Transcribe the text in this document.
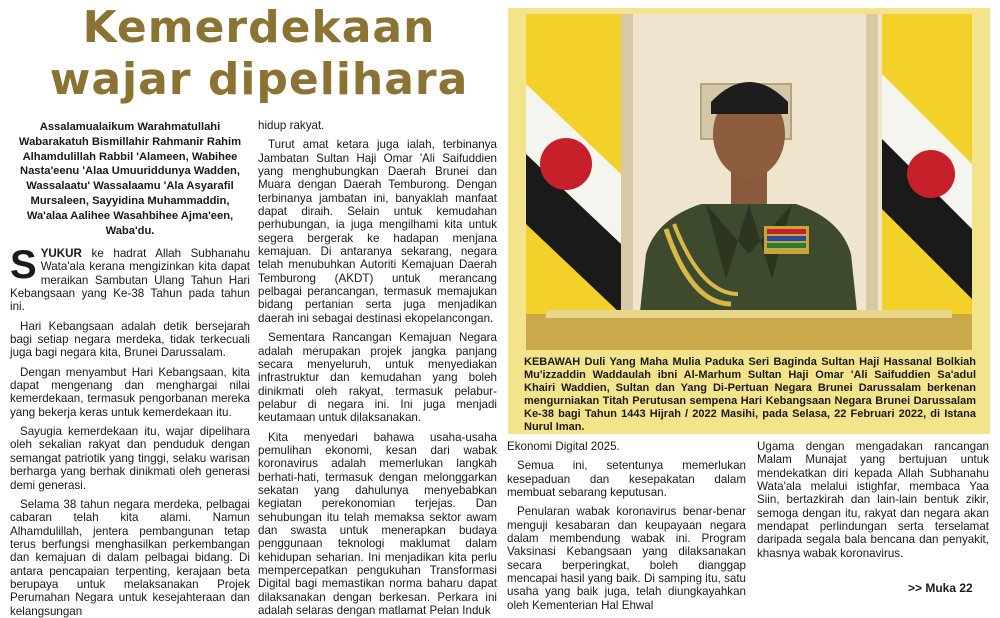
Kemerdekaan wajar dipelihara

Assalamualaikum Warahmatullahi Wabarakatuh Bismillahir Rahmanir Rahim Alhamdulillah Rabbil 'Alameen, Wabihee Nasta'eenu 'Alaa Umuuriddunya Wadden, Wassalaatu' Wassalaamu 'Ala Asyarafil Mursaleen, Sayyidina Muhammaddin, Wa'alaa Aalihee Wasahbihee Ajma'een, Waba'du.

SYUKUR ke hadrat Allah Subhanahu Wata'ala kerana mengizinkan kita dapat meraikan Sambutan Ulang Tahun Hari Kebangsaan yang Ke-38 Tahun pada tahun ini.

Hari Kebangsaan adalah detik bersejarah bagi setiap negara merdeka, tidak terkecuali juga bagi negara kita, Brunei Darussalam.

Dengan menyambut Hari Kebangsaan, kita dapat mengenang dan menghargai nilai kemerdekaan, termasuk pengorbanan mereka yang bekerja keras untuk kemerdekaan itu.

Sayugia kemerdekaan itu, wajar dipelihara oleh sekalian rakyat dan penduduk dengan semangat patriotik yang tinggi, selaku warisan berharga yang berhak dinikmati oleh generasi demi generasi.

Selama 38 tahun negara merdeka, pelbagai cabaran telah kita alami. Namun Alhamdulillah, jentera pembangunan tetap terus berfungsi menghasilkan perkembangan dan kemajuan di dalam pelbagai bidang. Di antara pencapaian terpenting, kerajaan beta berupaya untuk melaksanakan Projek Perumahan Negara untuk kesejahteraan dan kelangsungan

hidup rakyat.

Turut amat ketara juga ialah, terbinanya Jambatan Sultan Haji Omar 'Ali Saifuddien yang menghubungkan Daerah Brunei dan Muara dengan Daerah Temburong. Dengan terbinanya jambatan ini, banyaklah manfaat dapat diraih. Selain untuk kemudahan perhubungan, ia juga mengilhami kita untuk segera bergerak ke hadapan menjana kemajuan. Di antaranya sekarang, negara telah menubuhkan Autoriti Kemajuan Daerah Temburong (AKDT) untuk merancang pelbagai perancangan, termasuk memajukan bidang pertanian serta juga menjadikan daerah ini sebagai destinasi ekopelancongan.

Sementara Rancangan Kemajuan Negara adalah merupakan projek jangka panjang secara menyeluruh, untuk menyediakan infrastruktur dan kemudahan yang boleh dinikmati oleh rakyat, termasuk pelabur-pelabur di negara ini. Ini juga menjadi keutamaan untuk dilaksanakan.

Kita menyedari bahawa usaha-usaha pemulihan ekonomi, kesan dari wabak koronavirus adalah memerlukan langkah berhati-hati, termasuk dengan melonggarkan sekatan yang dahulunya menyebabkan kegiatan perekonomian terjejas. Dan sehubungan itu telah memaksa sektor awam dan swasta untuk menerapkan budaya penggunaan teknologi maklumat dalam kehidupan seharian. Ini menjadikan kita perlu mempercepatkan pengukuhan Transformasi Digital bagi memastikan norma baharu dapat dilaksanakan dengan berkesan. Perkara ini adalah selaras dengan matlamat Pelan Induk

KEBAWAH Duli Yang Maha Mulia Paduka Seri Baginda Sultan Haji Hassanal Bolkiah Mu'izzaddin Waddaulah ibni Al-Marhum Sultan Haji Omar 'Ali Saifuddien Sa'adul Khairi Waddien, Sultan dan Yang Di-Pertuan Negara Brunei Darussalam berkenan mengurniakan Titah Perutusan sempena Hari Kebangsaan Negara Brunei Darussalam Ke-38 bagi Tahun 1443 Hijrah / 2022 Masihi, pada Selasa, 22 Februari 2022, di Istana Nurul Iman.

Ekonomi Digital 2025.

Semua ini, setentunya memerlukan kesepaduan dan kesepakatan dalam membuat sebarang keputusan.

Penularan wabak koronavirus benar-benar menguji kesabaran dan keupayaan negara dalam membendung wabak ini. Program Vaksinasi Kebangsaan yang dilaksanakan secara berperingkat, boleh dianggap mencapai hasil yang baik. Di samping itu, satu usaha yang baik juga, telah diungkayahkan oleh Kementerian Hal Ehwal

Ugama dengan mengadakan rancangan Malam Munajat yang bertujuan untuk mendekatkan diri kepada Allah Subhanahu Wata'ala melalui istighfar, membaca Yaa Siin, bertazkirah dan lain-lain bentuk zikir, semoga dengan itu, rakyat dan negara akan mendapat perlindungan serta terselamat daripada segala bala bencana dan penyakit, khasnya wabak koronavirus.

>> Muka 22
